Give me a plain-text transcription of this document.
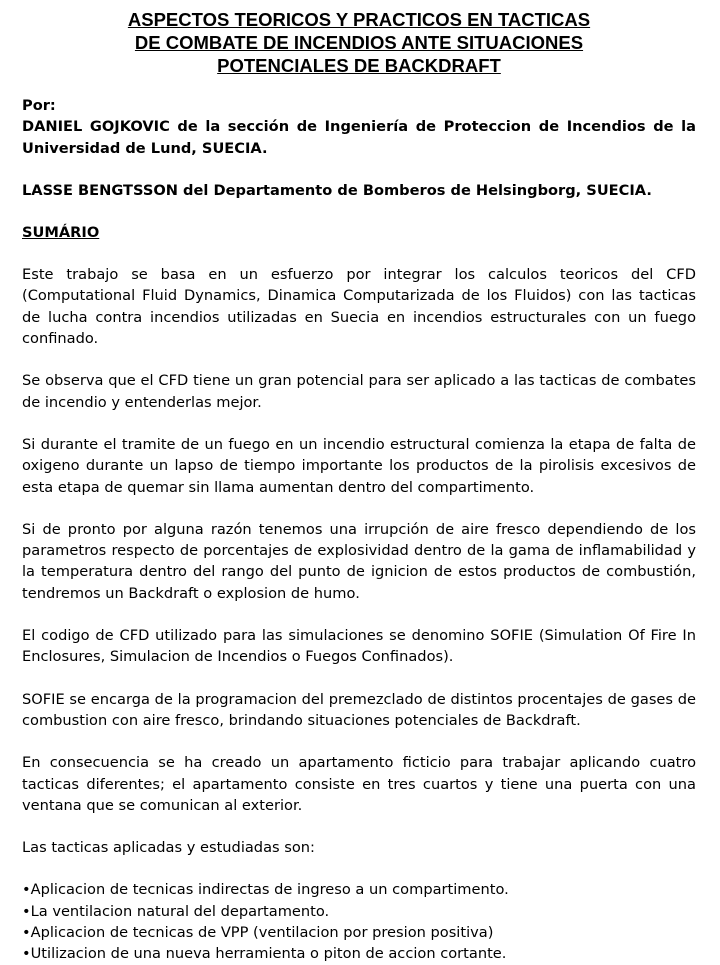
ASPECTOS TEORICOS Y PRACTICOS EN TACTICAS
DE COMBATE DE INCENDIOS ANTE SITUACIONES
POTENCIALES DE BACKDRAFT

Por:

DANIEL GOJKOVIC de la sección de Ingeniería de Proteccion de Incendios de la Universidad de Lund, SUECIA.

LASSE BENGTSSON del Departamento de Bomberos de Helsingborg, SUECIA.

SUMÁRIO

Este trabajo se basa en un esfuerzo por integrar los calculos teoricos del CFD (Computational Fluid Dynamics, Dinamica Computarizada de los Fluidos) con las tacticas de lucha contra incendios utilizadas en Suecia en incendios estructurales con un fuego confinado.

Se observa que el CFD tiene un gran potencial para ser aplicado a las tacticas de combates de incendio y entenderlas mejor.

Si durante el tramite de un fuego en un incendio estructural comienza la etapa de falta de oxigeno durante un lapso de tiempo importante los productos de la pirolisis excesivos de esta etapa de quemar sin llama aumentan dentro del compartimento.

Si de pronto por alguna razón tenemos una irrupción de aire fresco dependiendo de los parametros respecto de porcentajes de explosividad dentro de la gama de inflamabilidad y la temperatura dentro del rango del punto de ignicion de estos productos de combustión, tendremos un Backdraft o explosion de humo.

El codigo de CFD utilizado para las simulaciones se denomino SOFIE (Simulation Of Fire In Enclosures, Simulacion de Incendios o Fuegos Confinados).

SOFIE se encarga de la programacion del premezclado de distintos procentajes de gases de combustion con aire fresco, brindando situaciones potenciales de Backdraft.

En consecuencia se ha creado un apartamento ficticio para trabajar aplicando cuatro tacticas diferentes; el apartamento consiste en tres cuartos y tiene una puerta con una ventana que se comunican al exterior.

Las tacticas aplicadas y estudiadas son:

• Aplicacion de tecnicas indirectas de ingreso a un compartimento.
• La ventilacion natural del departamento.
• Aplicacion de tecnicas de VPP (ventilacion por presion positiva)
• Utilizacion de una nueva herramienta o piton de accion cortante.
